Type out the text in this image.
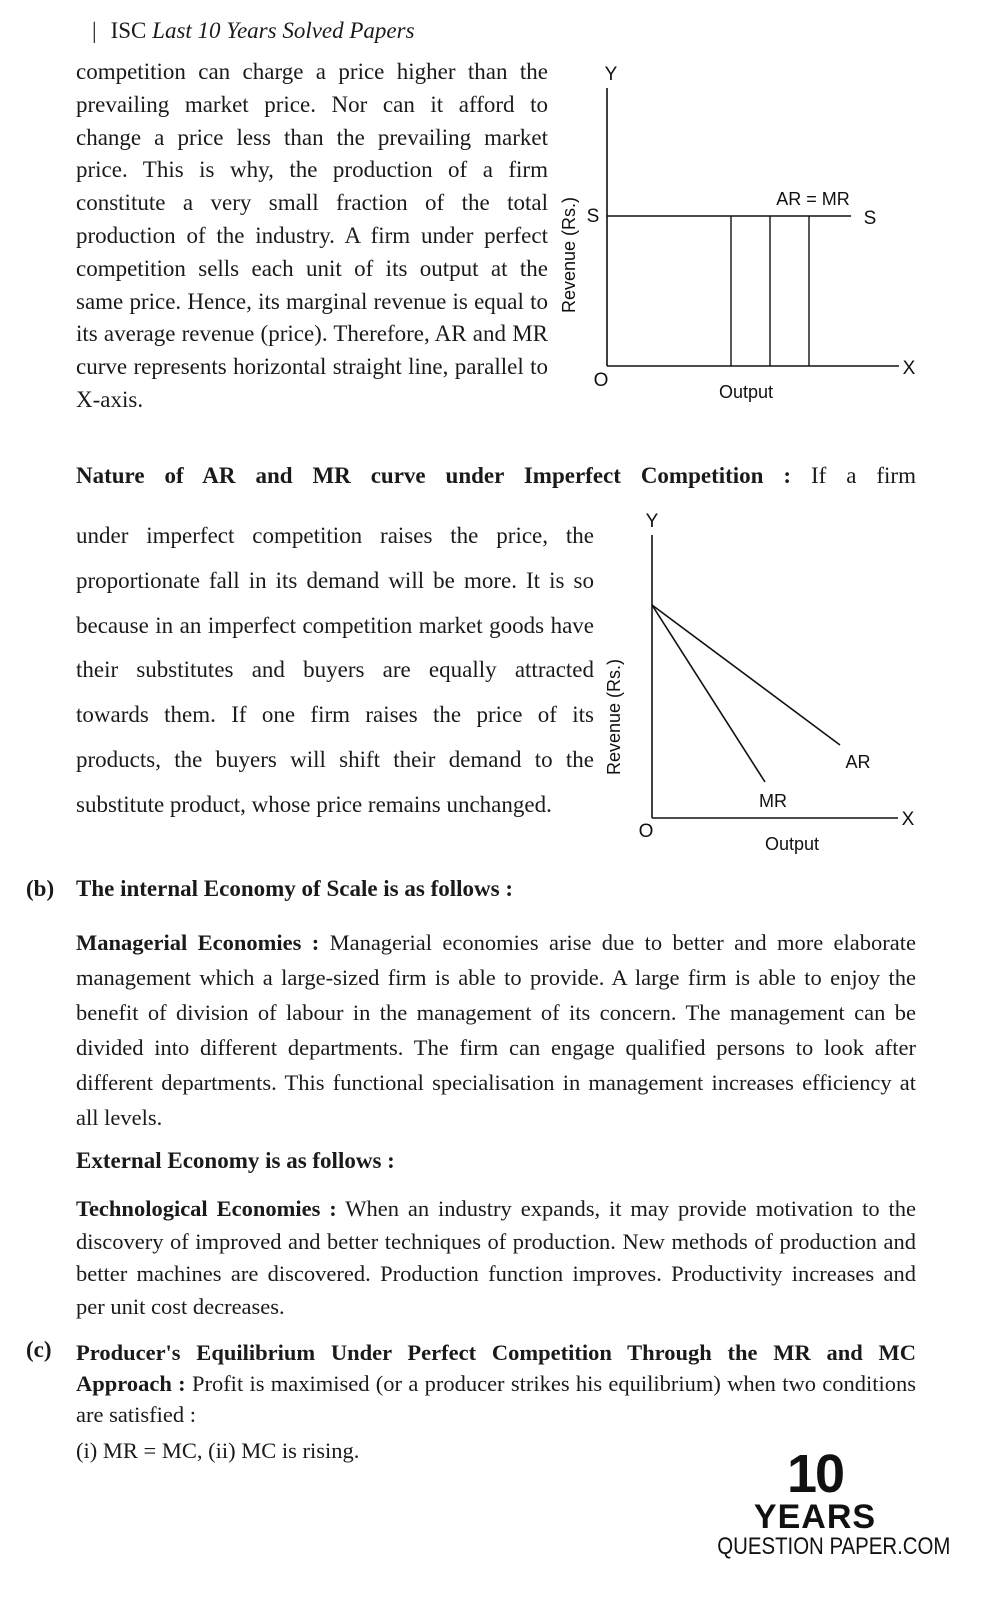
| ISC Last 10 Years Solved Papers
competition can charge a price higher than the prevailing market price. Nor can it afford to change a price less than the prevailing market price. This is why, the production of a firm constitute a very small fraction of the total production of the industry. A firm under perfect competition sells each unit of its output at the same price. Hence, its marginal revenue is equal to its average revenue (price). Therefore, AR and MR curve represents horizontal straight line, parallel to X-axis.
Y
X
O
AR = MR
S	S
Output
Revenue (Rs.)
Nature of AR and MR curve under Imperfect Competition : If a firm
under imperfect competition raises the price, the proportionate fall in its demand will be more. It is so because in an imperfect competition market goods have their substitutes and buyers are equally attracted towards them. If one firm raises the price of its products, the buyers will shift their demand to the substitute product, whose price remains unchanged.
Y
X
O
AR
MR
Output
Revenue (Rs.)
(b) The internal Economy of Scale is as follows :
Managerial Economies : Managerial economies arise due to better and more elaborate management which a large-sized firm is able to provide. A large firm is able to enjoy the benefit of division of labour in the management of its concern. The management can be divided into different departments. The firm can engage qualified persons to look after different departments. This functional specialisation in management increases efficiency at all levels.
External Economy is as follows :
Technological Economies : When an industry expands, it may provide motivation to the discovery of improved and better techniques of production. New methods of production and better machines are discovered. Production function improves. Productivity increases and per unit cost decreases.
(c) Producer's Equilibrium Under Perfect Competition Through the MR and MC Approach : Profit is maximised (or a producer strikes his equilibrium) when two conditions are satisfied :
(i) MR = MC, (ii) MC is rising.	10
YEARS
QUESTION PAPER.COM
